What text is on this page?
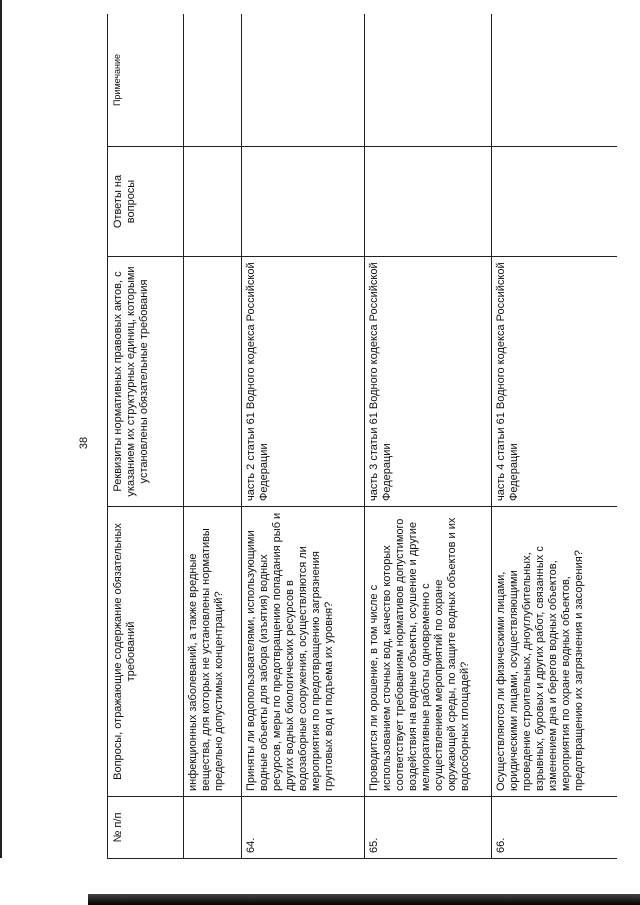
38
№ п/п	Вопросы, отражающие содержание обязательных требований	Реквизиты нормативных правовых актов, с указанием их структурных единиц, которыми установлены обязательные требования	Ответы на вопросы	Примечание
	инфекционных заболеваний, а также вредные вещества, для которых не установлены нормативы предельно допустимых концентраций?			
64.	Приняты ли водопользователями, использующими водные объекты для забора (изъятия) водных ресурсов, меры по предотвращению попадания рыб и других водных биологических ресурсов в водозаборные сооружения, осуществляются ли мероприятия по предотвращению загрязнения грунтовых вод и подъема их уровня?	часть 2 статьи 61 Водного кодекса Российской Федерации		
65.	Проводится ли орошение, в том числе с использованием сточных вод, качество которых соответствует требованиям нормативов допустимого воздействия на водные объекты, осушение и другие мелиоративные работы одновременно с осуществлением мероприятий по охране окружающей среды, по защите водных объектов и их водосборных площадей?	часть 3 статьи 61 Водного кодекса Российской Федерации		
66.	Осуществляются ли физическими лицами, юридическими лицами, осуществляющими проведение строительных, дноуглубительных, взрывных, буровых и других работ, связанных с изменением дна и берегов водных объектов, мероприятия по охране водных объектов, предотвращению их загрязнения и засорения?	часть 4 статьи 61 Водного кодекса Российской Федерации		
